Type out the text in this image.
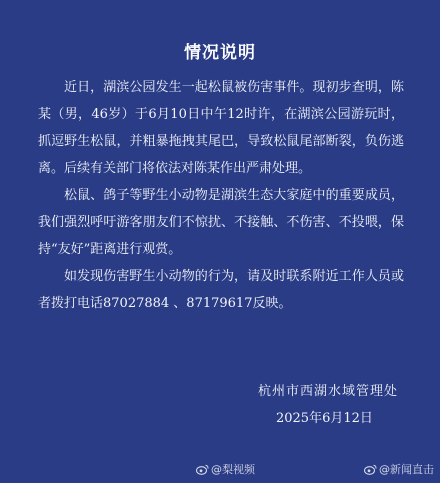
情况说明

近日，湖滨公园发生一起松鼠被伤害事件。现初步查明，陈某（男，46岁）于6月10日中午12时许，在湖滨公园游玩时，抓逗野生松鼠，并粗暴拖拽其尾巴，导致松鼠尾部断裂，负伤逃离。后续有关部门将依法对陈某作出严肃处理。

松鼠、鸽子等野生小动物是湖滨生态大家庭中的重要成员，我们强烈呼吁游客朋友们不惊扰、不接触、不伤害、不投喂，保持“友好”距离进行观赏。

如发现伤害野生小动物的行为，请及时联系附近工作人员或者拨打电话87027884 、87179617反映。

杭州市西湖水域管理处
2025年6月12日
@梨视频	@新闻直击
